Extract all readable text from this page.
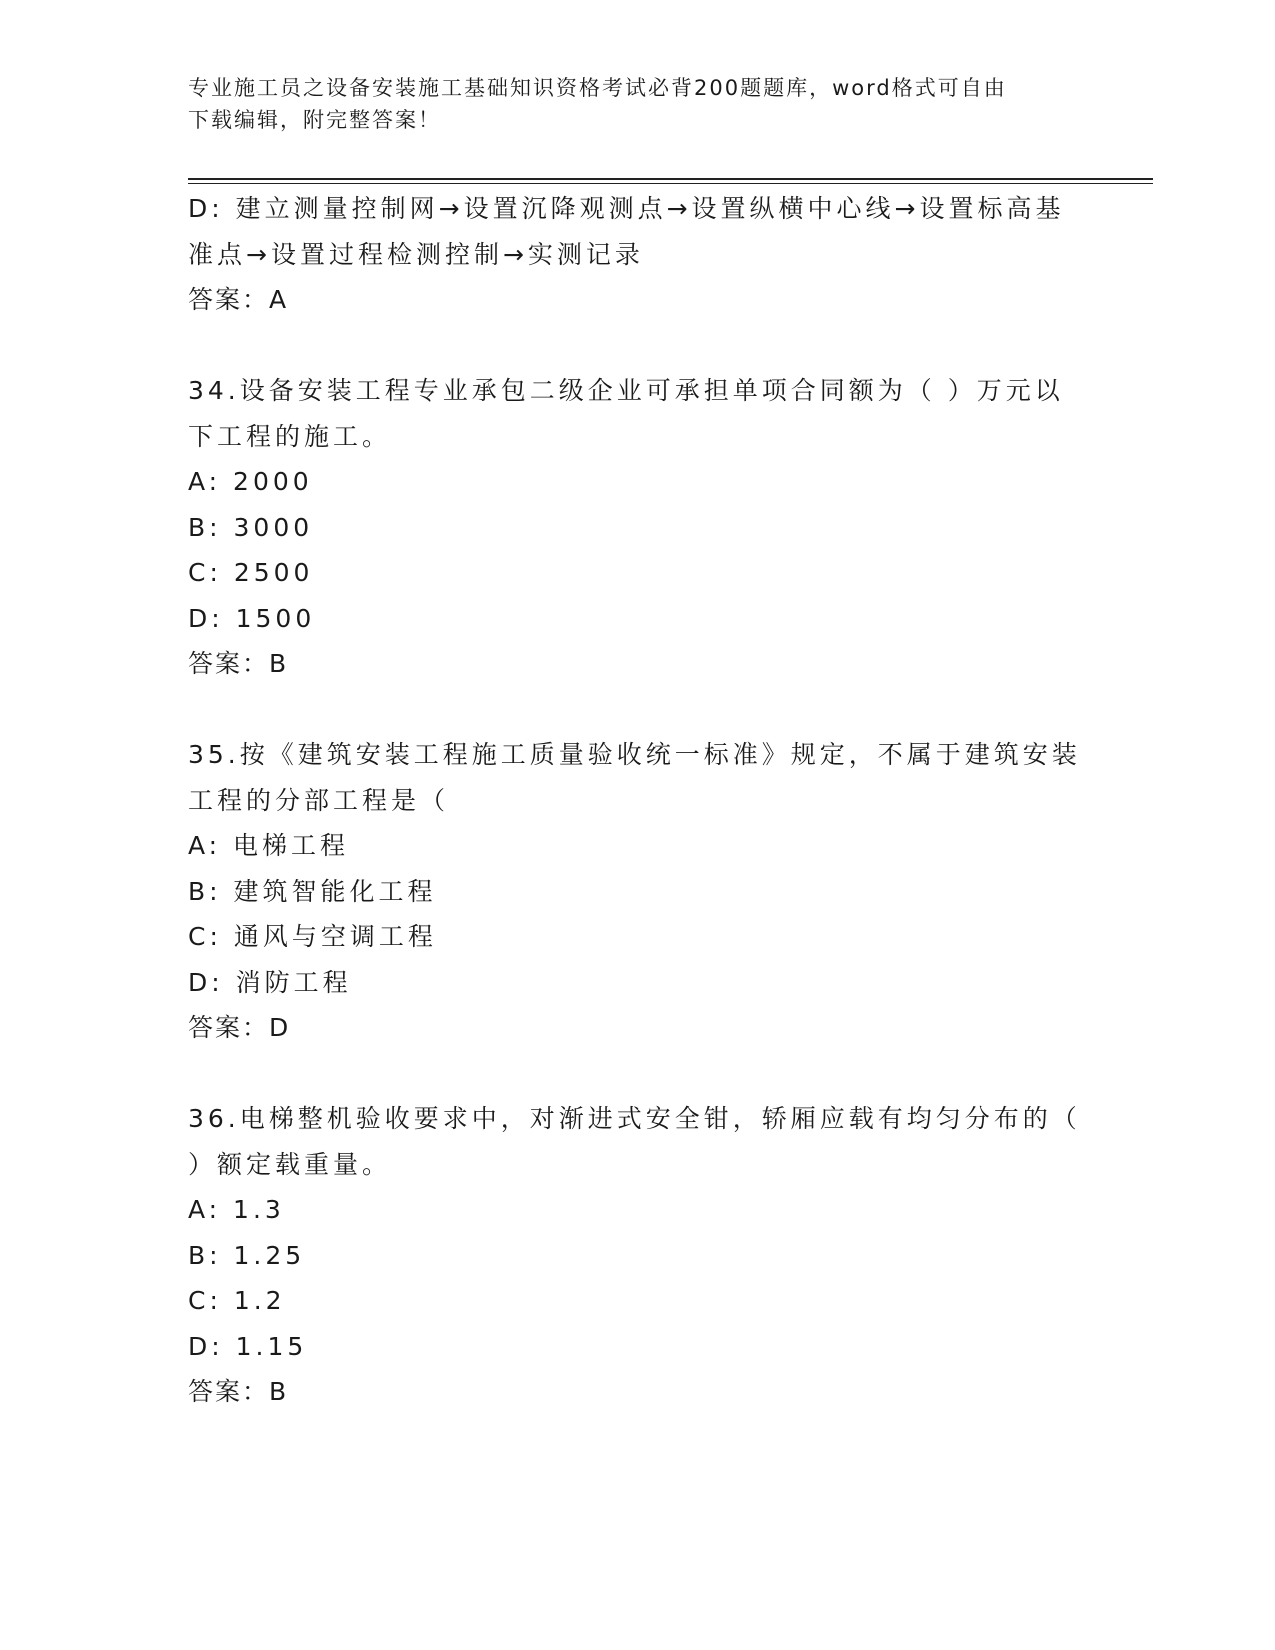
专业施工员之设备安装施工基础知识资格考试必背200题题库，word格式可自由
下载编辑，附完整答案！
D: 建立测量控制网→设置沉降观测点→设置纵横中心线→设置标高基
准点→设置过程检测控制→实测记录
答案：A
34.设备安装工程专业承包二级企业可承担单项合同额为（ ）万元以
下工程的施工。
A: 2000
B: 3000
C: 2500
D: 1500
答案：B
35.按《建筑安装工程施工质量验收统一标准》规定，不属于建筑安装
工程的分部工程是（
A: 电梯工程
B: 建筑智能化工程
C: 通风与空调工程
D: 消防工程
答案：D
36.电梯整机验收要求中，对渐进式安全钳，轿厢应载有均匀分布的（
）额定载重量。
A: 1.3
B: 1.25
C: 1.2
D: 1.15
答案：B
